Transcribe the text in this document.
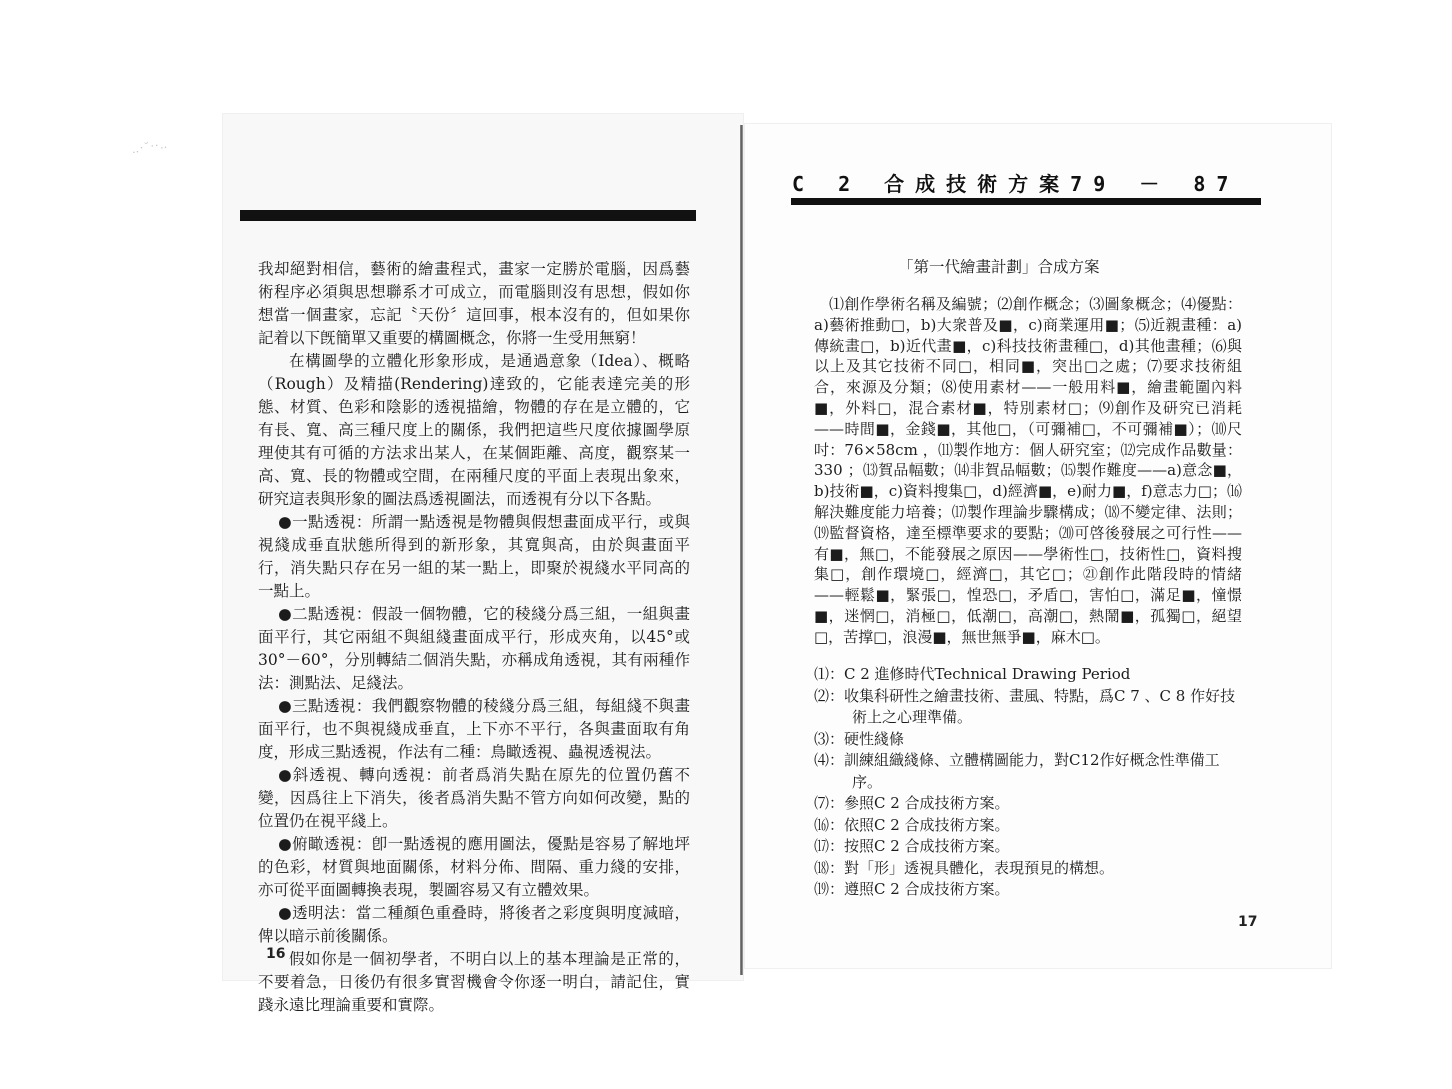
‥·˘··‥
C 2 合成技術方案79 － 87

我却絕對相信，藝術的繪畫程式，畫家一定勝於電腦，因爲藝術程序必須與思想聯系才可成立，而電腦則沒有思想，假如你想當一個畫家，忘記〝天份〞這回事，根本沒有的，但如果你記着以下旣簡單又重要的構圖概念，你將一生受用無窮！

在構圖學的立體化形象形成，是通過意象（Idea）、概略（Rough）及精描(Rendering)達致的，它能表達完美的形態、材質、色彩和陰影的透視描繪，物體的存在是立體的，它有長、寬、高三種尺度上的關係，我們把這些尺度依據圖學原理使其有可循的方法求出某人，在某個距離、高度，觀察某一高、寬、長的物體或空間，在兩種尺度的平面上表現出象來，研究這表與形象的圖法爲透視圖法，而透視有分以下各點。

●一點透視：所謂一點透視是物體與假想畫面成平行，或與視綫成垂直狀態所得到的新形象，其寬與高，由於與畫面平行，消失點只存在另一組的某一點上，即聚於視綫水平同高的一點上。

●二點透視：假設一個物體，它的稜綫分爲三組，一組與畫面平行，其它兩組不與組綫畫面成平行，形成夾角，以45°或30°－60°，分別轉結二個消失點，亦稱成角透視，其有兩種作法：測點法、足綫法。

●三點透視：我們觀察物體的稜綫分爲三組，每組綫不與畫面平行，也不與視綫成垂直，上下亦不平行，各與畫面取有角度，形成三點透視，作法有二種：鳥瞰透視、蟲視透視法。

●斜透視、轉向透視：前者爲消失點在原先的位置仍舊不變，因爲往上下消失，後者爲消失點不管方向如何改變，點的位置仍在視平綫上。

●俯瞰透視：卽一點透視的應用圖法，優點是容易了解地坪的色彩，材質與地面關係，材料分佈、間隔、重力綫的安排，亦可從平面圖轉換表現，製圖容易又有立體效果。

●透明法：當二種顏色重叠時，將後者之彩度與明度減暗，俾以暗示前後關係。

假如你是一個初學者，不明白以上的基本理論是正常的，不要着急，日後仍有很多實習機會令你逐一明白，請記住，實踐永遠比理論重要和實際。

16
「第一代繪畫計劃」合成方案
⑴創作學術名稱及編號；⑵創作概念；⑶圖象概念；⑷優點：a)藝術推動□，b)大衆普及■，c)商業運用■；⑸近親畫種：a)傳統畫□，b)近代畫■，c)科技技術畫種□，d)其他畫種；⑹與以上及其它技術不同□，相同■，突出□之處；⑺要求技術組合，來源及分類；⑻使用素材——一般用料■，繪畫範圍內料■，外料□，混合素材■，特別素材□；⑼創作及研究已消耗——時間■，金錢■，其他□，（可彌補□，不可彌補■）；⑽尺吋：76×58cm ，⑾製作地方：個人研究室；⑿完成作品數量：330 ；⒀賀品幅數；⒁非賀品幅數；⒂製作難度——a)意念■，b)技術■，c)資料搜集□，d)經濟■，e)耐力■，f)意志力□；⒃解決難度能力培養；⒄製作理論步驟構成；⒅不變定律、法則；⒆監督資格，達至標準要求的要點；⒇可啓後發展之可行性——有■，無□，不能發展之原因——學術性□，技術性□，資料搜集□，創作環境□，經濟□，其它□；㉑創作此階段時的情緒——輕鬆■，緊張□，惶恐□，矛盾□，害怕□，滿足■，憧憬■，迷惘□，消極□，低潮□，高潮□，熱鬧■，孤獨□，絕望□，苦撑□，浪漫■，無世無爭■，麻木□。

⑴：C 2 進修時代Technical Drawing Period

⑵：收集科研性之繪畫技術、畫風、特點，爲C 7 、C 8 作好技術上之心理準備。

⑶：硬性綫條

⑷：訓練組織綫條、立體構圖能力，對C12作好概念性準備工序。

⑺：參照C 2 合成技術方案。

⒃：依照C 2 合成技術方案。

⒄：按照C 2 合成技術方案。

⒅：對「形」透視具體化，表現預見的構想。

⒆：遵照C 2 合成技術方案。

17
